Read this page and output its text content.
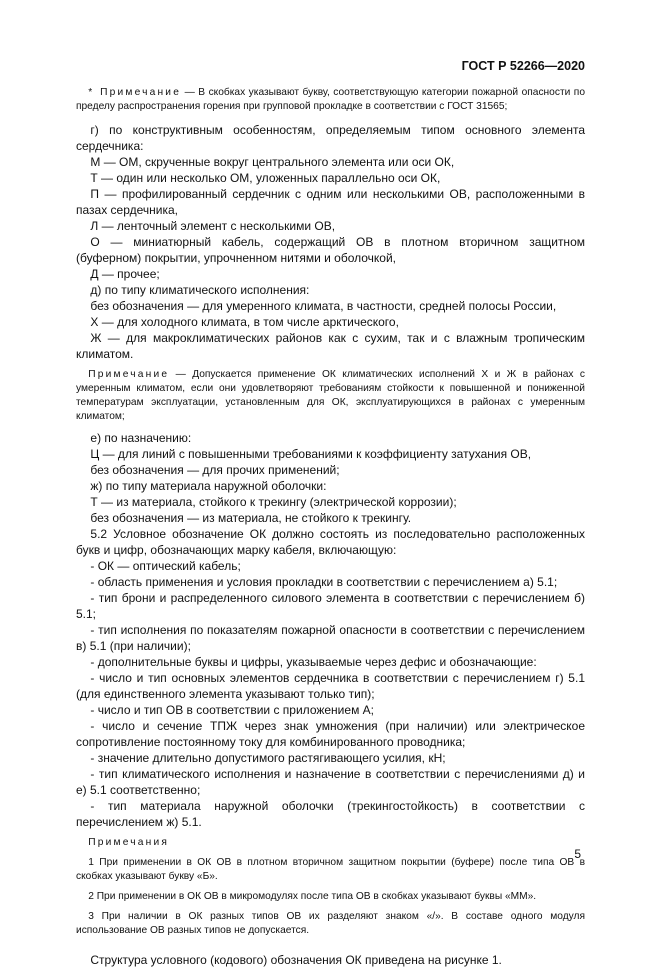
ГОСТ Р 52266—2020

* Примечание — В скобках указывают букву, соответствующую категории пожарной опасности по пределу распространения горения при групповой прокладке в соответствии с ГОСТ 31565;

г) по конструктивным особенностям, определяемым типом основного элемента сердечника:

М — ОМ, скрученные вокруг центрального элемента или оси ОК,

Т — один или несколько ОМ, уложенных параллельно оси ОК,

П — профилированный сердечник с одним или несколькими ОВ, расположенными в пазах сердечника,

Л — ленточный элемент с несколькими ОВ,

О — миниатюрный кабель, содержащий ОВ в плотном вторичном защитном (буферном) покрытии, упрочненном нитями и оболочкой,

Д — прочее;

д) по типу климатического исполнения:

без обозначения — для умеренного климата, в частности, средней полосы России,

Х — для холодного климата, в том числе арктического,

Ж — для макроклиматических районов как с сухим, так и с влажным тропическим климатом.

Примечание — Допускается применение ОК климатических исполнений Х и Ж в районах с умеренным климатом, если они удовлетворяют требованиям стойкости к повышенной и пониженной температурам эксплуатации, установленным для ОК, эксплуатирующихся в районах с умеренным климатом;

е) по назначению:

Ц — для линий с повышенными требованиями к коэффициенту затухания ОВ,

без обозначения — для прочих применений;

ж) по типу материала наружной оболочки:

Т — из материала, стойкого к трекингу (электрической коррозии);

без обозначения — из материала, не стойкого к трекингу.

5.2 Условное обозначение ОК должно состоять из последовательно расположенных букв и цифр, обозначающих марку кабеля, включающую:

- ОК — оптический кабель;

- область применения и условия прокладки в соответствии с перечислением а) 5.1;

- тип брони и распределенного силового элемента в соответствии с перечислением б) 5.1;

- тип исполнения по показателям пожарной опасности в соответствии с перечислением в) 5.1 (при наличии);

- дополнительные буквы и цифры, указываемые через дефис и обозначающие:

- число и тип основных элементов сердечника в соответствии с перечислением г) 5.1 (для единственного элемента указывают только тип);

- число и тип ОВ в соответствии с приложением А;

- число и сечение ТПЖ через знак умножения (при наличии) или электрическое сопротивление постоянному току для комбинированного проводника;

- значение длительно допустимого растягивающего усилия, кН;

- тип климатического исполнения и назначение в соответствии с перечислениями д) и е) 5.1 соответственно;

- тип материала наружной оболочки (трекингостойкость) в соответствии с перечислением ж) 5.1.

Примечания

1 При применении в ОК ОВ в плотном вторичном защитном покрытии (буфере) после типа ОВ в скобках указывают букву «Б».

2 При применении в ОК ОВ в микромодулях после типа ОВ в скобках указывают буквы «ММ».

3 При наличии в ОК разных типов ОВ их разделяют знаком «/». В составе одного модуля использование ОВ разных типов не допускается.

Структура условного (кодового) обозначения ОК приведена на рисунке 1.

5
